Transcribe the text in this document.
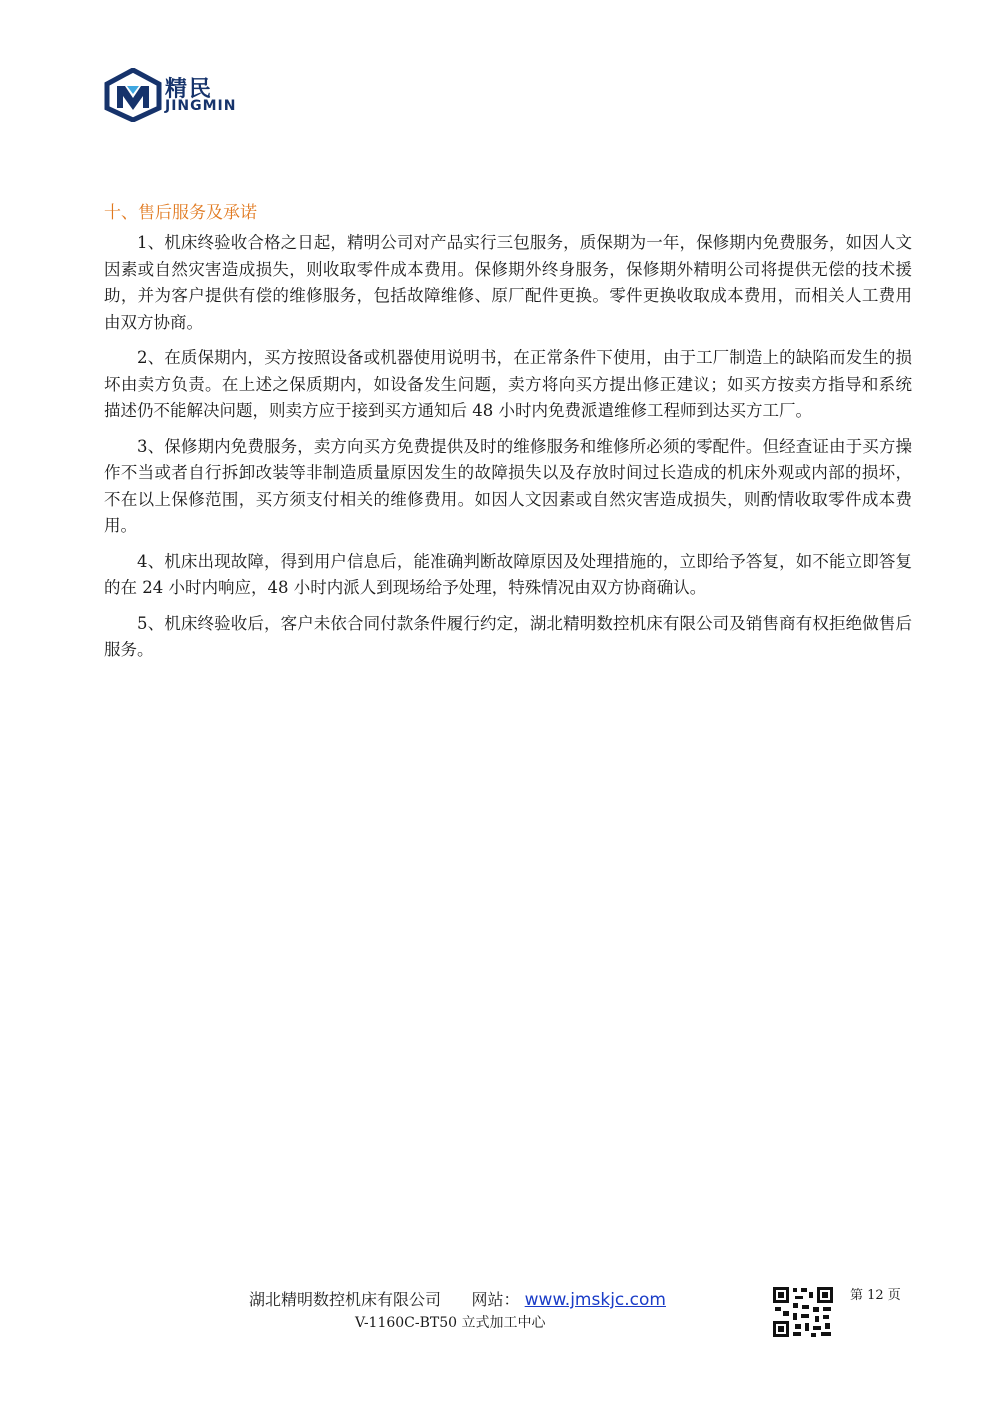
精民
JINGMIN
十、售后服务及承诺

1、机床终验收合格之日起，精明公司对产品实行三包服务，质保期为一年，保修期内免费服务，如因人文因素或自然灾害造成损失，则收取零件成本费用。保修期外终身服务，保修期外精明公司将提供无偿的技术援助，并为客户提供有偿的维修服务，包括故障维修、原厂配件更换。零件更换收取成本费用，而相关人工费用由双方协商。

2、在质保期内，买方按照设备或机器使用说明书，在正常条件下使用，由于工厂制造上的缺陷而发生的损坏由卖方负责。在上述之保质期内，如设备发生问题，卖方将向买方提出修正建议；如买方按卖方指导和系统描述仍不能解决问题，则卖方应于接到买方通知后 48 小时内免费派遣维修工程师到达买方工厂。

3、保修期内免费服务，卖方向买方免费提供及时的维修服务和维修所必须的零配件。但经查证由于买方操作不当或者自行拆卸改装等非制造质量原因发生的故障损失以及存放时间过长造成的机床外观或内部的损坏，不在以上保修范围，买方须支付相关的维修费用。如因人文因素或自然灾害造成损失，则酌情收取零件成本费用。

4、机床出现故障，得到用户信息后，能准确判断故障原因及处理措施的，立即给予答复，如不能立即答复的在 24 小时内响应，48 小时内派人到现场给予处理，特殊情况由双方协商确认。

5、机床终验收后，客户未依合同付款条件履行约定，湖北精明数控机床有限公司及销售商有权拒绝做售后服务。

湖北精明数控机床有限公司 网站： www.jmskjc.com
V-1160C-BT50 立式加工中心
第 12 页
